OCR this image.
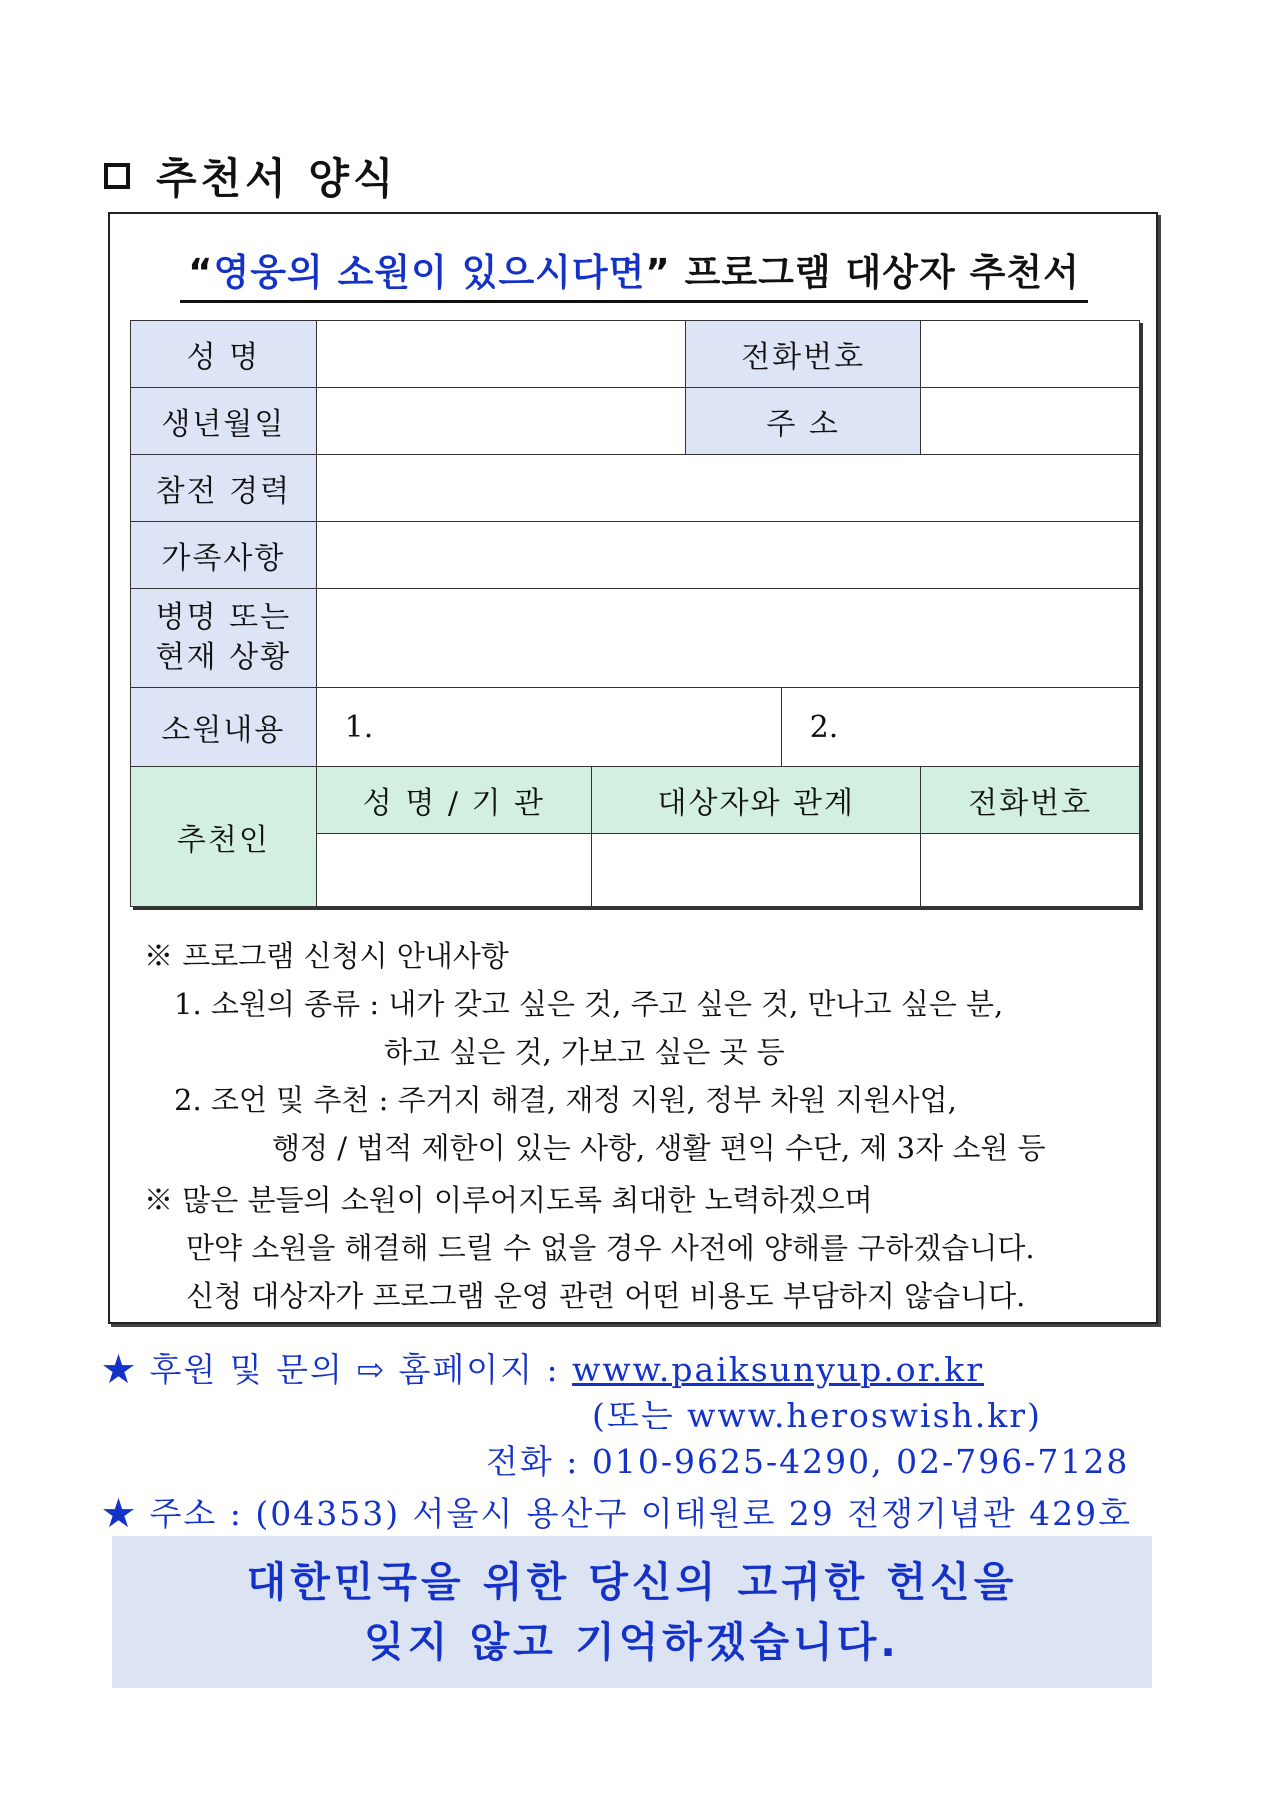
추천서 양식
“영웅의 소원이 있으시다면” 프로그램 대상자 추천서
성 명			전화번호		
생년월일			주 소		
참전 경력					
가족사항					

병명 또는
현재 상황					

소원내용	1.			2.	
추천인	성 명 / 기 관	대상자와 관계			전화번호

※ 프로그램 신청시 안내사항
1. 소원의 종류 : 내가 갖고 싶은 것, 주고 싶은 것, 만나고 싶은 분,
하고 싶은 것, 가보고 싶은 곳 등
2. 조언 및 추천 : 주거지 해결, 재정 지원, 정부 차원 지원사업,
행정 / 법적 제한이 있는 사항, 생활 편익 수단, 제 3자 소원 등
※ 많은 분들의 소원이 이루어지도록 최대한 노력하겠으며
만약 소원을 해결해 드릴 수 없을 경우 사전에 양해를 구하겠습니다.
신청 대상자가 프로그램 운영 관련 어떤 비용도 부담하지 않습니다.
★ 후원 및 문의 ⇨ 홈페이지 : www.paiksunyup.or.kr
(또는 www.heroswish.kr)
전화 : 010-9625-4290, 02-796-7128
★ 주소 : (04353) 서울시 용산구 이태원로 29 전쟁기념관 429호
대한민국을 위한 당신의 고귀한 헌신을
잊지 않고 기억하겠습니다.
